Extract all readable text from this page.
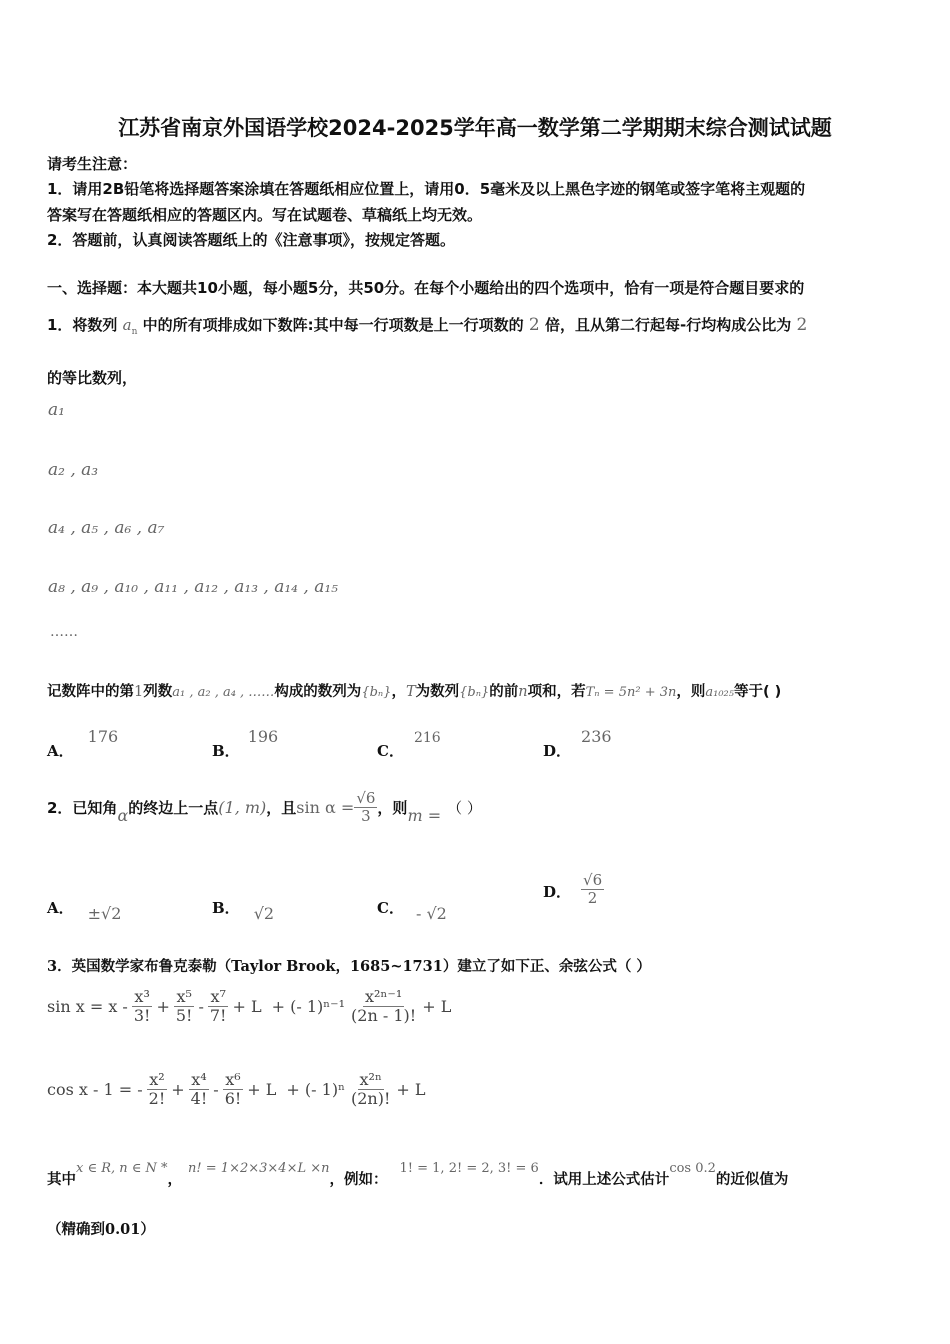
江苏省南京外国语学校2024-2025学年高一数学第二学期期末综合测试试题
请考生注意：
1．请用2B铅笔将选择题答案涂填在答题纸相应位置上，请用0．5毫米及以上黑色字迹的钢笔或签字笔将主观题的
答案写在答题纸相应的答题区内。写在试题卷、草稿纸上均无效。
2．答题前，认真阅读答题纸上的《注意事项》，按规定答题。
一、选择题：本大题共10小题，每小题5分，共50分。在每个小题给出的四个选项中，恰有一项是符合题目要求的
1．将数列 $a_n$ 中的所有项排成如下数阵:其中每一行项数是上一行项数的 2 倍，且从第二行起每-行均构成公比为 2
的等比数列，
a₁
a₂ , a₃
a₄ , a₅ , a₆ , a₇
a₈ , a₉ , a₁₀ , a₁₁ , a₁₂ , a₁₃ , a₁₄ , a₁₅
……
记数阵中的第1列数a₁ , a₂ , a₄ , ……构成的数列为{bₙ}，T为数列{bₙ}的前n项和，若Tₙ = 5n² + 3n，则a₁₀₂₅等于( )
A．176
B．196
C．216
D．236
2．已知角 α 的终边上一点 (1, m) ，且 $\sin \alpha = \frac{√6}{3}$ ，则 m = （ ）
A． ±√2	B． √2	C． - √2
D． $\frac{√6}{2}$
3．英国数学家布鲁克泰勒（Taylor Brook，1685~1731）建立了如下正、余弦公式（ ）
$\sin x = x - \frac{\text{x³}}{3!} + \frac{\text{x⁵}}{5!} - \frac{\text{x⁷}}{7!} + L$ + (- $1)^{n-1} \frac{\text{x²ⁿ⁻¹}}{(2n - 1)!} + L$
cos x - 1 = - $\frac{\text{x²}}{2!} + \frac{\text{x⁴}}{4!} - \frac{\text{x⁶}}{6!} + L$ + (- $1)^n \frac{\text{x²ⁿ}}{(2n)!} + L$
其中
x ∈ R, n ∈ N *
，
n! = 1×2×3×4×L ×n
，例如：
1! = 1, 2! = 2, 3! = 6
．试用上述公式估计
cos 0.2
的近似值为
（精确到0.01）
